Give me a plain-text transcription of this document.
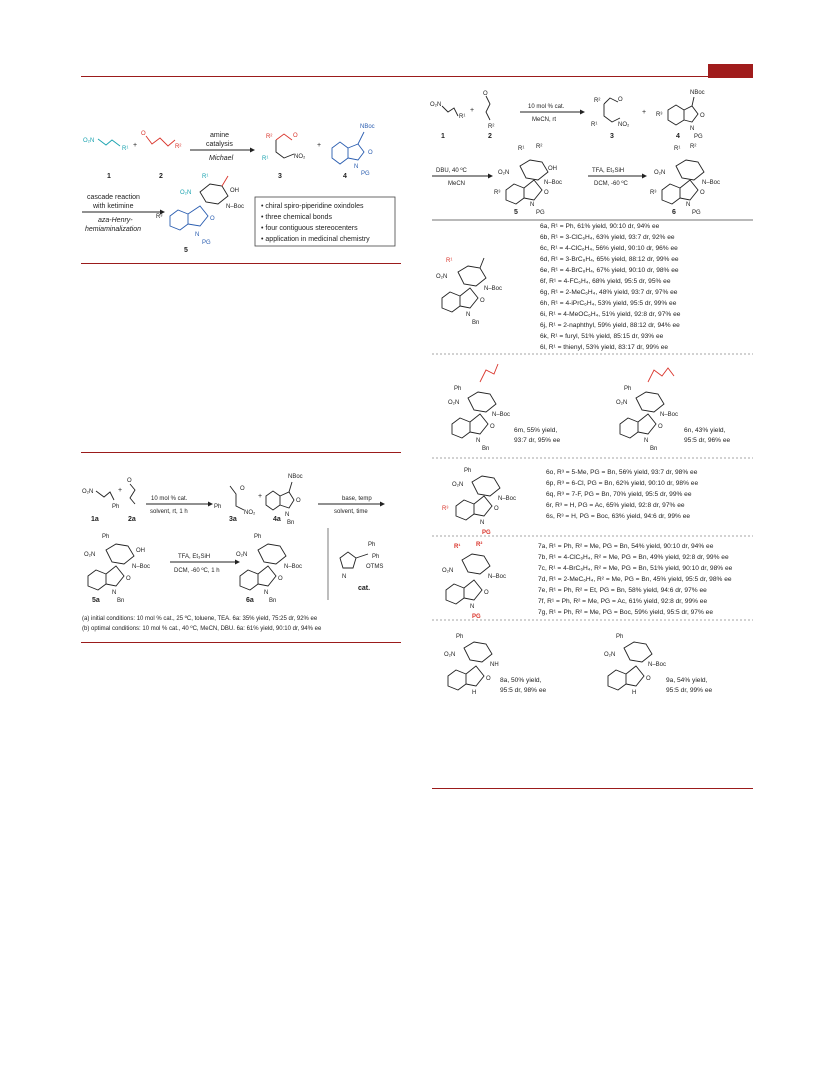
O₂N
R¹
1
+	R²
O
2
amine
catalysis
Michael
R²	O
R¹	NO₂
3
+
NBoc
O
N
PG
4
cascade reaction
with ketimine
aza-Henry-
hemiaminalization
R¹
O₂N	OH
N–Boc
R³	O
N
PG
5
• chiral spiro-piperidine oxindoles
• three chemical bonds
• four contiguous stereocenters
• application in medicinal chemistry
O₂N
Ph
1a
+
O
2a
10 mol % cat.
solvent, rt, 1 h
O
Ph
NO₂
3a
+
NBoc
O
N
Bn
4a
base, temp
solvent, time
Ph
OH
N–Boc
O₂N
O
N
Bn
5a
TFA, Et₃SiH
DCM, -60 ºC, 1 h
Ph
N–Boc
O₂N
O
N
Bn
6a
Ph
Ph
OTMS
N
cat.
(a) initial conditions: 10 mol % cat., 25 ºC, toluene, TEA. 6a: 35% yield, 75:25 dr, 92% ee
(b) optimal conditions: 10 mol % cat., 40 ºC, MeCN, DBU. 6a: 61% yield, 90:10 dr, 94% ee
O₂N
R¹
1
+
O
R²
2
10 mol % cat.
MeCN, rt
R²	O
R¹	NO₂
3
+
NBoc
R³	O
N
PG
4
DBU, 40 ºC
MeCN
R¹ R²
OH
N–Boc
O₂N
R³	O
N
PG
5
TFA, Et₃SiH
DCM, -60 ºC
R¹ R²
N–Boc
O₂N
R³	O
N
PG
6
R¹
N–Boc
O₂N
O
N
Bn
6a, R¹ = Ph, 61% yield, 90:10 dr, 94% ee
6b, R¹ = 3-ClC₆H₄, 63% yield, 93:7 dr, 92% ee
6c, R¹ = 4-ClC₆H₄, 56% yield, 90:10 dr, 96% ee
6d, R¹ = 3-BrC₆H₄, 65% yield, 88:12 dr, 99% ee
6e, R¹ = 4-BrC₆H₄, 67% yield, 90:10 dr, 98% ee
6f, R¹ = 4-FC₆H₄, 68% yield, 95:5 dr, 95% ee
6g, R¹ = 2-MeC₆H₄, 48% yield, 93:7 dr, 97% ee
6h, R¹ = 4-iPrC₆H₄, 53% yield, 95:5 dr, 99% ee
6i, R¹ = 4-MeOC₆H₄, 51% yield, 92:8 dr, 97% ee
6j, R¹ = 2-naphthyl, 59% yield, 88:12 dr, 94% ee
6k, R¹ = furyl, 51% yield, 85:15 dr, 93% ee
6l, R¹ = thienyl, 53% yield, 83:17 dr, 99% ee
Ph
N–Boc
O₂N
O
N
Bn
6m, 55% yield,
93:7 dr, 95% ee
Ph
N–Boc
O₂N
O
N
Bn
6n, 43% yield,
95:5 dr, 96% ee
Ph
N–Boc
O₂N
R³	O
N
PG
6o, R³ = 5-Me, PG = Bn, 56% yield, 93:7 dr, 98% ee
6p, R³ = 6-Cl, PG = Bn, 62% yield, 90:10 dr, 98% ee
6q, R³ = 7-F, PG = Bn, 70% yield, 95:5 dr, 99% ee
6r, R³ = H, PG = Ac, 65% yield, 92:8 dr, 97% ee
6s, R³ = H, PG = Boc, 63% yield, 94:6 dr, 99% ee
R¹	R²
N–Boc
O₂N
O
N
PG
7a, R¹ = Ph, R² = Me, PG = Bn, 54% yield, 90:10 dr, 94% ee
7b, R¹ = 4-ClC₆H₄, R² = Me, PG = Bn, 49% yield, 92:8 dr, 99% ee
7c, R¹ = 4-BrC₆H₄, R² = Me, PG = Bn, 51% yield, 90:10 dr, 98% ee
7d, R¹ = 2-MeC₆H₄, R² = Me, PG = Bn, 45% yield, 95:5 dr, 98% ee
7e, R¹ = Ph, R² = Et, PG = Bn, 58% yield, 94:6 dr, 97% ee
7f, R¹ = Ph, R² = Me, PG = Ac, 61% yield, 92:8 dr, 99% ee
7g, R¹ = Ph, R² = Me, PG = Boc, 59% yield, 95:5 dr, 97% ee
Ph
NH
O₂N
O
H
8a, 50% yield,
95:5 dr, 98% ee
Ph
N–Boc
O₂N
O
H
9a, 54% yield,
95:5 dr, 99% ee
